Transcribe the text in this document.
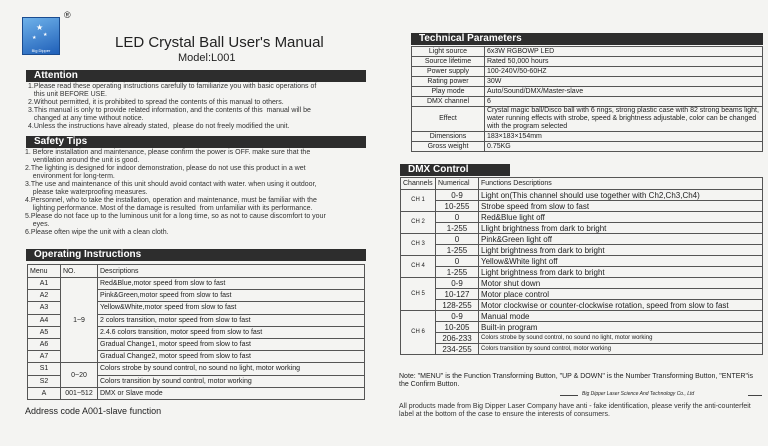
★
★
★
Big Dipper
®
LED Crystal Ball User's Manual
Model:L001
Attention
1.Please read these operating instructions carefully to familiarize you with basic operations of
this unit BEFORE USE.
2.Without permitted, it is prohibited to spread the contents of this manual to others.
3.This manual is only to provide related information, and the contents of this  manual will be
changed at any time without notice.
4.Unless the instructions have already stated,  please do not freely modified the unit.
Safety Tips
1. Before installation and maintenance, please confirm the power is OFF. make sure that the
ventilation around the unit is good.
2.The lighting is designed for indoor demonstration, please do not use this product in a wet
environment for long-term.
3.The use and maintenance of this unit should avoid contact with water. when using it outdoor,
please take waterproofing measures.
4.Personnel, who to take the installation, operation and maintenance, must be familiar with the
lighting performance. Most of the damage is resulted  from unfamiliar with its performance.
5.Please do not face up to the luminous unit for a long time, so as not to cause discomfort to your
eyes.
6.Please often wipe the unit with a clean cloth.
Operating Instructions
Menu	NO.	Descriptions
A1	1~9	Red&Blue,motor speed from slow to fast
A2		Pink&Green,motor speed from slow to fast
A3		Yellow&White,motor speed from slow to fast
A4		2 colors transition, motor speed from slow to fast
A5		2.4.6 colors transition, motor speed from slow to fast
A6		Gradual Change1, motor speed from slow to fast
A7		Gradual Change2, motor speed from slow to fast
S1	0~20	Colors strobe by sound control, no sound no light, motor working
S2		Colors transition by sound control, motor working
A	001~512	DMX or Slave mode
Address code A001-slave function
Technical Parameters
Light source	6x3W RGBOWP LED
Source lifetime	Rated 50,000 hours
Power supply	100-240V/50-60HZ
Rating power	30W
Play mode	Auto/Sound/DMX/Master-slave
DMX channel	6
Effect	Crystal magic ball/Disco ball with 6 rings, strong plastic case with 82 strong beams light, water running effects with strobe, speed & brightness adjustable, color can be changed with the program selected
Dimensions	183×183×154mm
Gross weight	0.75KG
DMX Control
Channels	Numerical	Functions Descriptions
CH 1	0-9	Light on(This channel should use together with Ch2,Ch3,Ch4)
	10-255	Strobe speed from slow to fast
CH 2	0	Red&Blue light off
	1-255	Llight brightness from dark to bright
CH 3	0	Pink&Green light off
	1-255	Light brightness from dark to bright
CH 4	0	Yellow&White light off
	1-255	Light brightness from dark to bright
CH 5	0-9	Motor shut down
	10-127	Motor place control
	128-255	Motor clockwise or counter-clockwise rotation, speed from slow to fast
CH 6	0-9	Manual mode
	10-205	Built-in program
	206-233	Colors strobe by sound control, no sound no light, motor working
	234-255	Colors transition by sound control, motor working
Note: "MENU" is the Function Transforming Button, "UP & DOWN" is the Number Transforming Button, "ENTER"is the Confirm Button.
Big Dipper Laser Science And Technology Co., Ltd
All products made from Big Dipper Laser Company have anti - fake identification, please verify the anti-counterfeit label at the bottom of the case to ensure the interests of consumers.
